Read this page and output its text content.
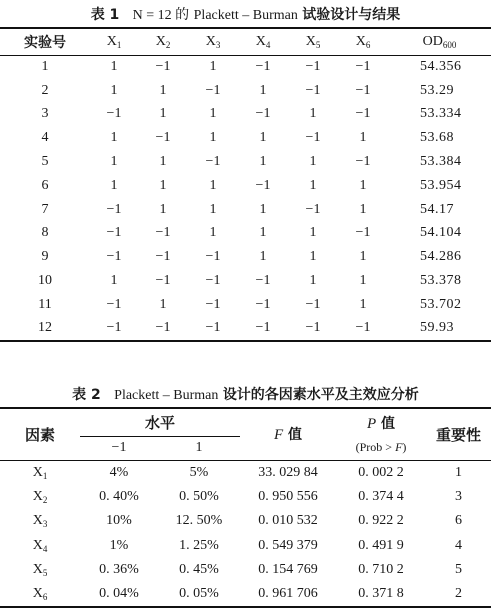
表 1 N = 12 的 Plackett – Burman 试验设计与结果
实验号	$X_1$	$X_2$	$X_3$	$X_4$	$X_5$	$X_6$	$OD_{600}$
1	1	−1	1	−1	−1	−1	54.356
2	1	1	−1	1	−1	−1	53.29
3	−1	1	1	−1	1	−1	53.334
4	1	−1	1	1	−1	1	53.68
5	1	1	−1	1	1	−1	53.384
6	1	1	1	−1	1	1	53.954
7	−1	1	1	1	−1	1	54.17
8	−1	−1	1	1	1	−1	54.104
9	−1	−1	−1	1	1	1	54.286
10	1	−1	−1	−1	1	1	53.378
11	−1	1	−1	−1	−1	1	53.702
12	−1	−1	−1	−1	−1	−1	59.93
表 2 Plackett – Burman 设计的各因素水平及主效应分析
因素	水平		F 值	P 值	重要性
	−1	1		(Prob > F)	
$X_1$	4%	5%	33. 029 84	0. 002 2	1
$X_2$	0. 40%	0. 50%	0. 950 556	0. 374 4	3
$X_3$	10%	12. 50%	0. 010 532	0. 922 2	6
$X_4$	1%	1. 25%	0. 549 379	0. 491 9	4
$X_5$	0. 36%	0. 45%	0. 154 769	0. 710 2	5
$X_6$	0. 04%	0. 05%	0. 961 706	0. 371 8	2
